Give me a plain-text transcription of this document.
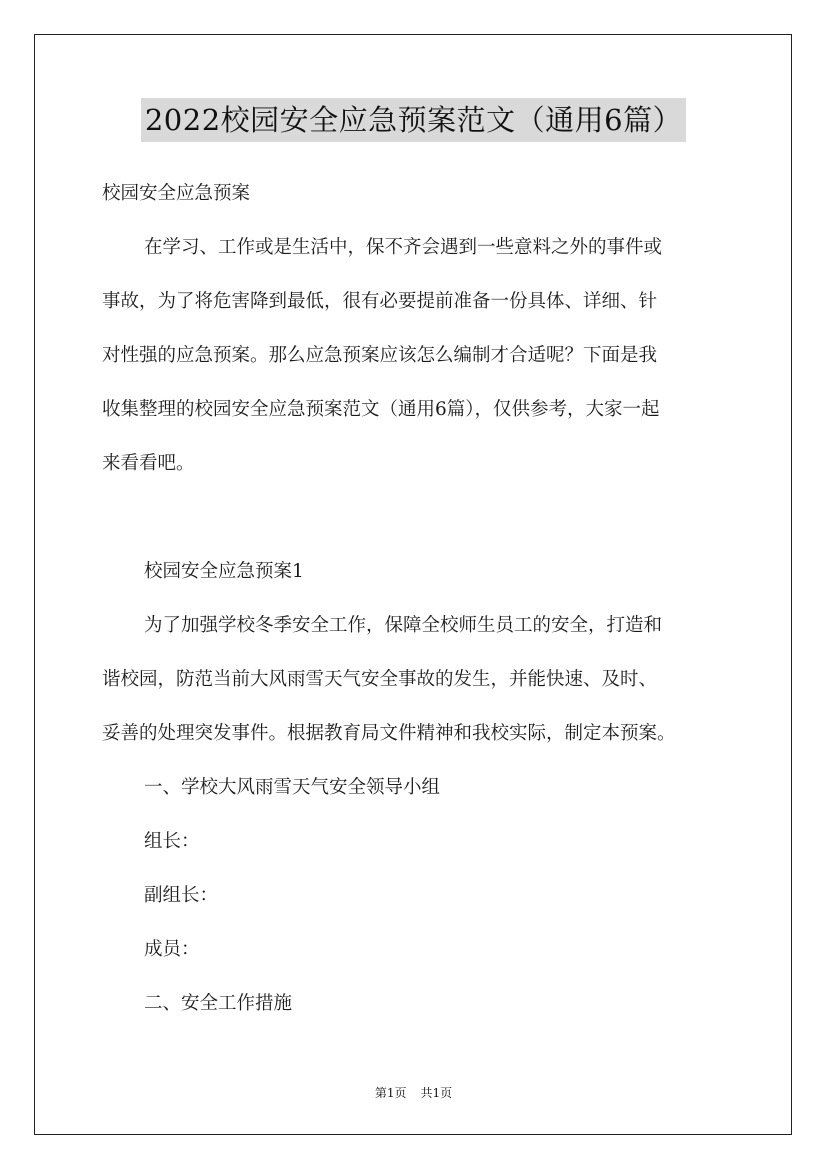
2022校园安全应急预案范文（通用6篇）
校园安全应急预案
在学习、工作或是生活中，保不齐会遇到一些意料之外的事件或
事故，为了将危害降到最低，很有必要提前准备一份具体、详细、针
对性强的应急预案。那么应急预案应该怎么编制才合适呢？下面是我
收集整理的校园安全应急预案范文（通用6篇），仅供参考，大家一起
来看看吧。
校园安全应急预案1
为了加强学校冬季安全工作，保障全校师生员工的安全，打造和
谐校园，防范当前大风雨雪天气安全事故的发生，并能快速、及时、
妥善的处理突发事件。根据教育局文件精神和我校实际，制定本预案。
一、学校大风雨雪天气安全领导小组
组长：
副组长：
成员：
二、安全工作措施
第1页 共1页
